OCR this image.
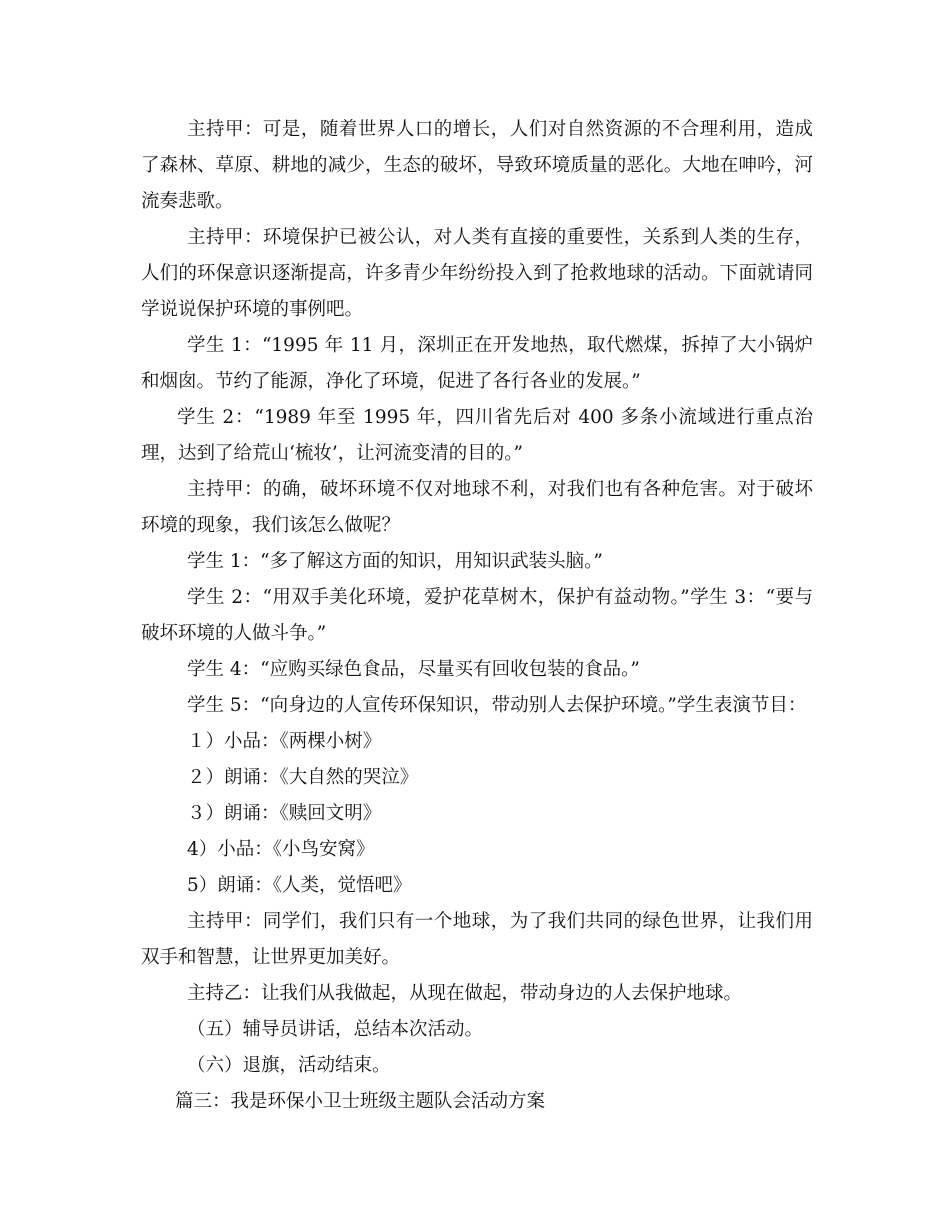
主持甲：可是，随着世界人口的增长，人们对自然资源的不合理利用，造成了森林、草原、耕地的减少，生态的破坏，导致环境质量的恶化。大地在呻吟，河流奏悲歌。

主持甲：环境保护已被公认，对人类有直接的重要性，关系到人类的生存，人们的环保意识逐渐提高，许多青少年纷纷投入到了抢救地球的活动。下面就请同学说说保护环境的事例吧。

学生 1：“1995 年 11 月，深圳正在开发地热，取代燃煤，拆掉了大小锅炉和烟囱。节约了能源，净化了环境，促进了各行各业的发展。”

学生 2：“1989 年至 1995 年，四川省先后对 400 多条小流域进行重点治理，达到了给荒山‘梳妆’，让河流变清的目的。”

主持甲：的确，破坏环境不仅对地球不利，对我们也有各种危害。对于破坏环境的现象，我们该怎么做呢？

学生 1：“多了解这方面的知识，用知识武装头脑。”

学生 2：“用双手美化环境，爱护花草树木，保护有益动物。”学生 3：“要与破坏环境的人做斗争。”

学生 4：“应购买绿色食品，尽量买有回收包装的食品。”

学生 5：“向身边的人宣传环保知识，带动别人去保护环境。”学生表演节目：

１）小品：《两棵小树》

２）朗诵：《大自然的哭泣》

３）朗诵：《赎回文明》

4）小品：《小鸟安窝》

5）朗诵：《人类，觉悟吧》

主持甲：同学们，我们只有一个地球，为了我们共同的绿色世界，让我们用双手和智慧，让世界更加美好。

主持乙：让我们从我做起，从现在做起，带动身边的人去保护地球。

（五）辅导员讲话，总结本次活动。

（六）退旗，活动结束。

篇三：我是环保小卫士班级主题队会活动方案
